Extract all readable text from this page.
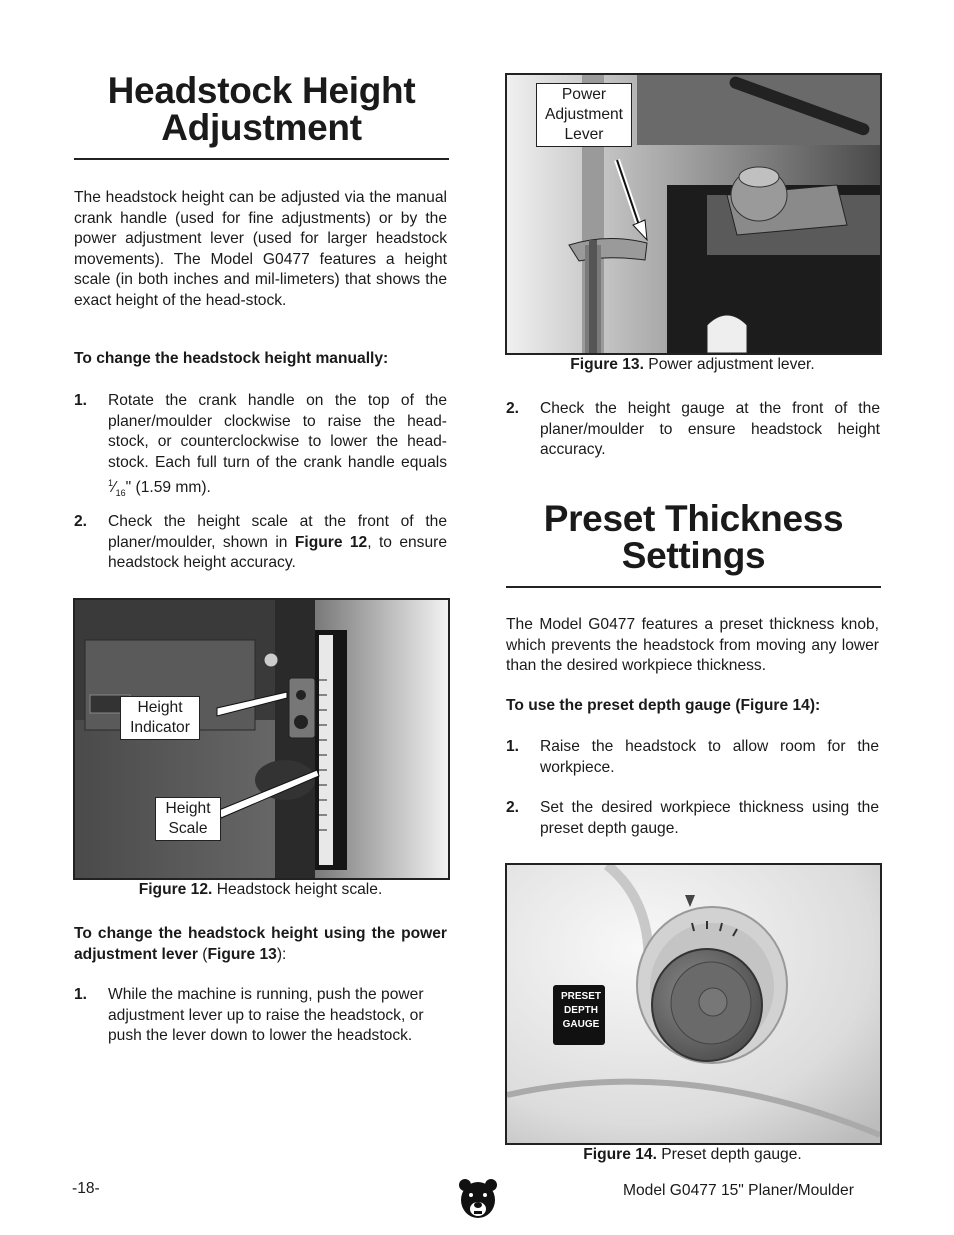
Headstock Height

Adjustment

The headstock height can be adjusted via the manual crank handle (used for fine adjustments) or by the power adjustment lever (used for larger headstock movements). The Model G0477 features a height scale (in both inches and mil-limeters) that shows the exact height of the head-stock.

To change the headstock height manually:

1. Rotate the crank handle on the top of the planer/moulder clockwise to raise the head-stock, or counterclockwise to lower the head-stock. Each full turn of the crank handle equals $^1⁄_{16}$" (1.59 mm).
2. Check the height scale at the front of the planer/moulder, shown in Figure 12, to ensure headstock height accuracy.

To change the headstock height using the power adjustment lever (Figure 13):

1. While the machine is running, push the power adjustment lever up to raise the headstock, or push the lever down to lower the headstock.
Height Indicator
Height Scale
Figure 12. Headstock height scale.
Power Adjustment Lever
Figure 13. Power adjustment lever.
2. Check the height gauge at the front of the planer/moulder to ensure headstock height accuracy.

Preset Thickness

Settings

The Model G0477 features a preset thickness knob, which prevents the headstock from moving any lower than the desired workpiece thickness.

To use the preset depth gauge (Figure 14):

1. Raise the headstock to allow room for the workpiece.
2. Set the desired workpiece thickness using the preset depth gauge.
PRESET
DEPTH
GAUGE
Figure 14. Preset depth gauge.
-18-	Model G0477 15" Planer/Moulder
